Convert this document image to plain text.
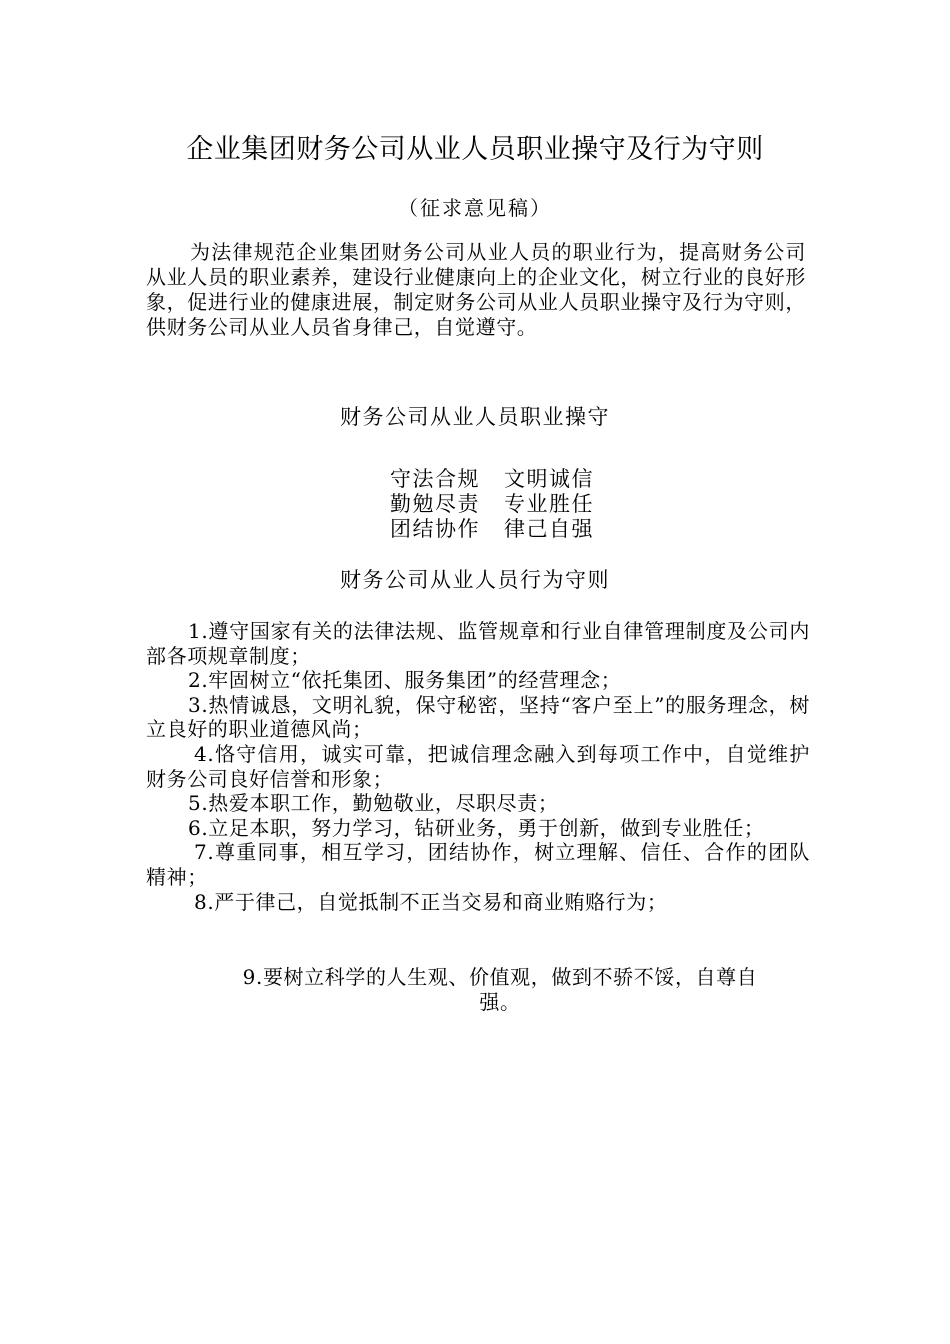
企业集团财务公司从业人员职业操守及行为守则
（征求意见稿）

为法律规范企业集团财务公司从业人员的职业行为，提高财务公司从业人员的职业素养，建设行业健康向上的企业文化，树立行业的良好形象，促进行业的健康进展，制定财务公司从业人员职业操守及行为守则，供财务公司从业人员省身律己，自觉遵守。

财务公司从业人员职业操守
守法合规 文明诚信
勤勉尽责 专业胜任
团结协作 律己自强
财务公司从业人员行为守则

1.遵守国家有关的法律法规、监管规章和行业自律管理制度及公司内部各项规章制度；

2.牢固树立“依托集团、服务集团”的经营理念；

3.热情诚恳，文明礼貌，保守秘密，坚持“客户至上”的服务理念，树立良好的职业道德风尚；

4.恪守信用，诚实可靠，把诚信理念融入到每项工作中，自觉维护财务公司良好信誉和形象；

5.热爱本职工作，勤勉敬业，尽职尽责；

6.立足本职，努力学习，钻研业务，勇于创新，做到专业胜任；

7.尊重同事，相互学习，团结协作，树立理解、信任、合作的团队精神；

8.严于律己，自觉抵制不正当交易和商业贿赂行为；

9.要树立科学的人生观、价值观，做到不骄不馁，自尊自
强。
